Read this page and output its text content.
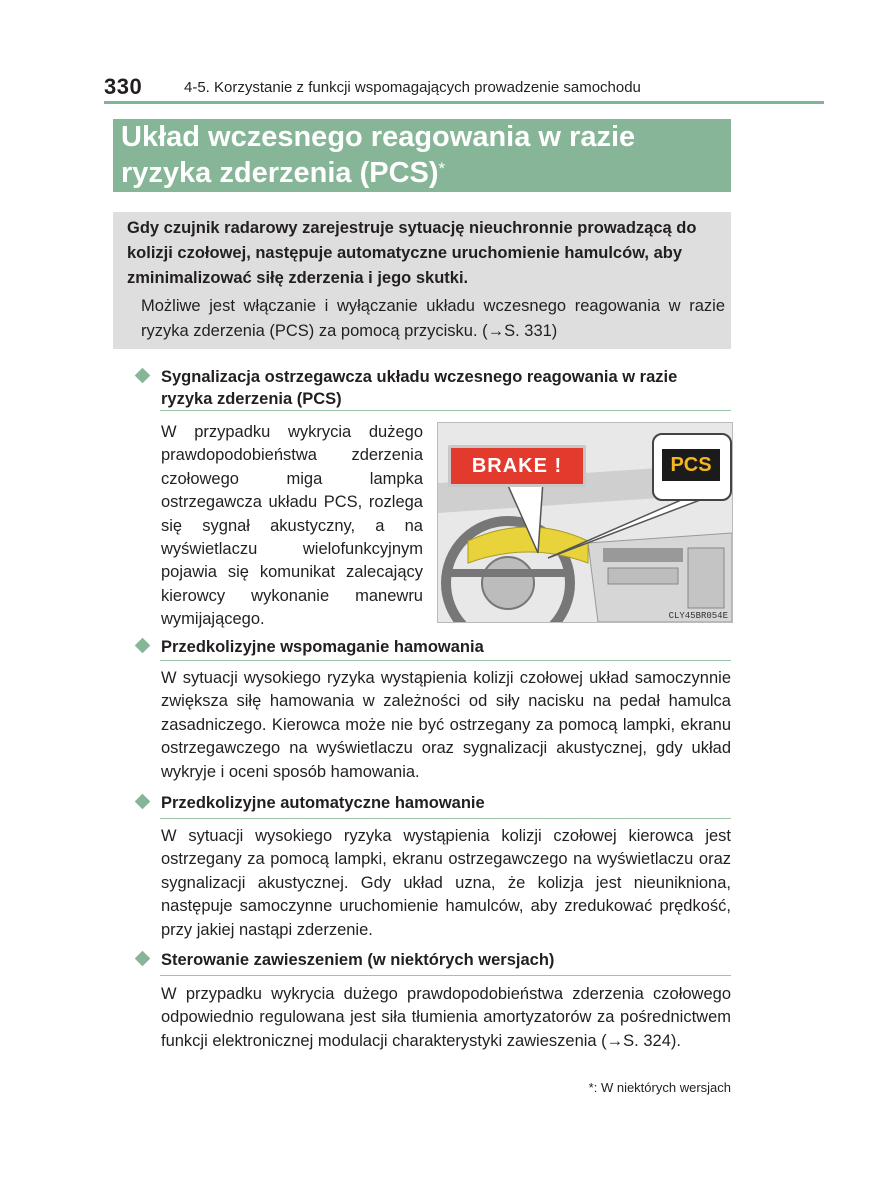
330	4-5. Korzystanie z funkcji wspomagających prowadzenie samochodu
Układ wczesnego reagowania w razie ryzyka zderzenia (PCS)*
Gdy czujnik radarowy zarejestruje sytuację nieuchronnie prowadzącą do kolizji czołowej, następuje automatyczne uruchomienie hamulców, aby zminimalizować siłę zderzenia i jego skutki.
Możliwe jest włączanie i wyłączanie układu wczesnego reagowania w razie ryzyka zderzenia (PCS) za pomocą przycisku. (→S. 331)
Sygnalizacja ostrzegawcza układu wczesnego reagowania w razie ryzyka zderzenia (PCS)
W przypadku wykrycia dużego prawdopodobieństwa zderzenia czołowego miga lampka ostrzegawcza układu PCS, rozlega się sygnał akustyczny, a na wyświetlaczu wielofunkcyjnym pojawia się komunikat zalecający kierowcy wykonanie manewru wymijającego.
BRAKE !	PCS
CLY45BR054E
Przedkolizyjne wspomaganie hamowania
W sytuacji wysokiego ryzyka wystąpienia kolizji czołowej układ samoczynnie zwiększa siłę hamowania w zależności od siły nacisku na pedał hamulca zasadniczego. Kierowca może nie być ostrzegany za pomocą lampki, ekranu ostrzegawczego na wyświetlaczu oraz sygnalizacji akustycznej, gdy układ wykryje i oceni sposób hamowania.
Przedkolizyjne automatyczne hamowanie
W sytuacji wysokiego ryzyka wystąpienia kolizji czołowej kierowca jest ostrzegany za pomocą lampki, ekranu ostrzegawczego na wyświetlaczu oraz sygnalizacji akustycznej. Gdy układ uzna, że kolizja jest nieunikniona, następuje samoczynne uruchomienie hamulców, aby zredukować prędkość, przy jakiej nastąpi zderzenie.
Sterowanie zawieszeniem (w niektórych wersjach)
W przypadku wykrycia dużego prawdopodobieństwa zderzenia czołowego odpowiednio regulowana jest siła tłumienia amortyzatorów za pośrednictwem funkcji elektronicznej modulacji charakterystyki zawieszenia (→S. 324).
*: W niektórych wersjach
